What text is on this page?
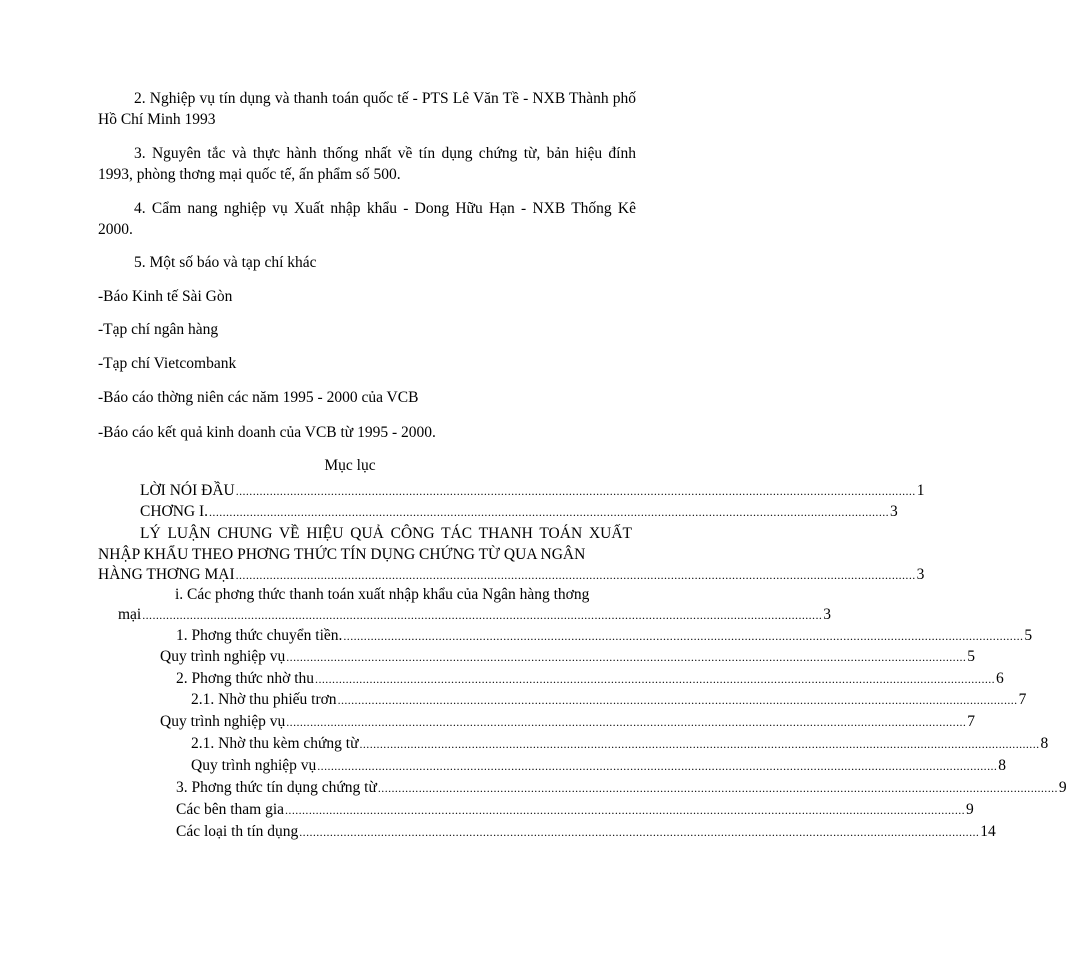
2. Nghiệp vụ tín dụng và thanh toán quốc tế - PTS Lê Văn Tề - NXB Thành phố Hồ Chí Minh 1993

3. Nguyên tắc và thực hành thống nhất về tín dụng chứng từ, bản hiệu đính 1993, phòng thơng mại quốc tế, ấn phẩm số 500.

4. Cẩm nang nghiệp vụ Xuất nhập khẩu - Dong Hữu Hạn - NXB Thống Kê 2000.

5. Một số báo và tạp chí khác

-Báo Kinh tế Sài Gòn
-Tạp chí ngân hàng
-Tạp chí Vietcombank
-Báo cáo thờng niên các năm 1995 - 2000 của VCB
-Báo cáo kết quả kinh doanh của VCB từ 1995 - 2000.
Mục lục
LỜI NÓI ĐẦU ........................................................................................................................................................................................................ 1
CHƠNG I. ........................................................................................................................................................................................................ 3

LÝ LUẬN CHUNG VỀ HIỆU QUẢ CÔNG TÁC THANH TOÁN XUẤT NHẬP KHẨU THEO PHƠNG THỨC TÍN DỤNG CHỨNG TỪ QUA NGÂN

HÀNG THƠNG MẠI ........................................................................................................................................................................................................ 3
i. Các phơng thức thanh toán xuất nhập khẩu của Ngân hàng thơng
mại ........................................................................................................................................................................................................ 3
1. Phơng thức chuyển tiền. ........................................................................................................................................................................................................ 5
Quy trình nghiệp vụ ........................................................................................................................................................................................................ 5
2. Phơng thức nhờ thu ........................................................................................................................................................................................................ 6
2.1. Nhờ thu phiếu trơn ........................................................................................................................................................................................................ 7
Quy trình nghiệp vụ ........................................................................................................................................................................................................ 7
2.1. Nhờ thu kèm chứng từ ........................................................................................................................................................................................................ 8
Quy trình nghiệp vụ ........................................................................................................................................................................................................ 8
3. Phơng thức tín dụng chứng từ ........................................................................................................................................................................................................ 9
Các bên tham gia ........................................................................................................................................................................................................ 9
Các loại th tín dụng ........................................................................................................................................................................................................ 14
